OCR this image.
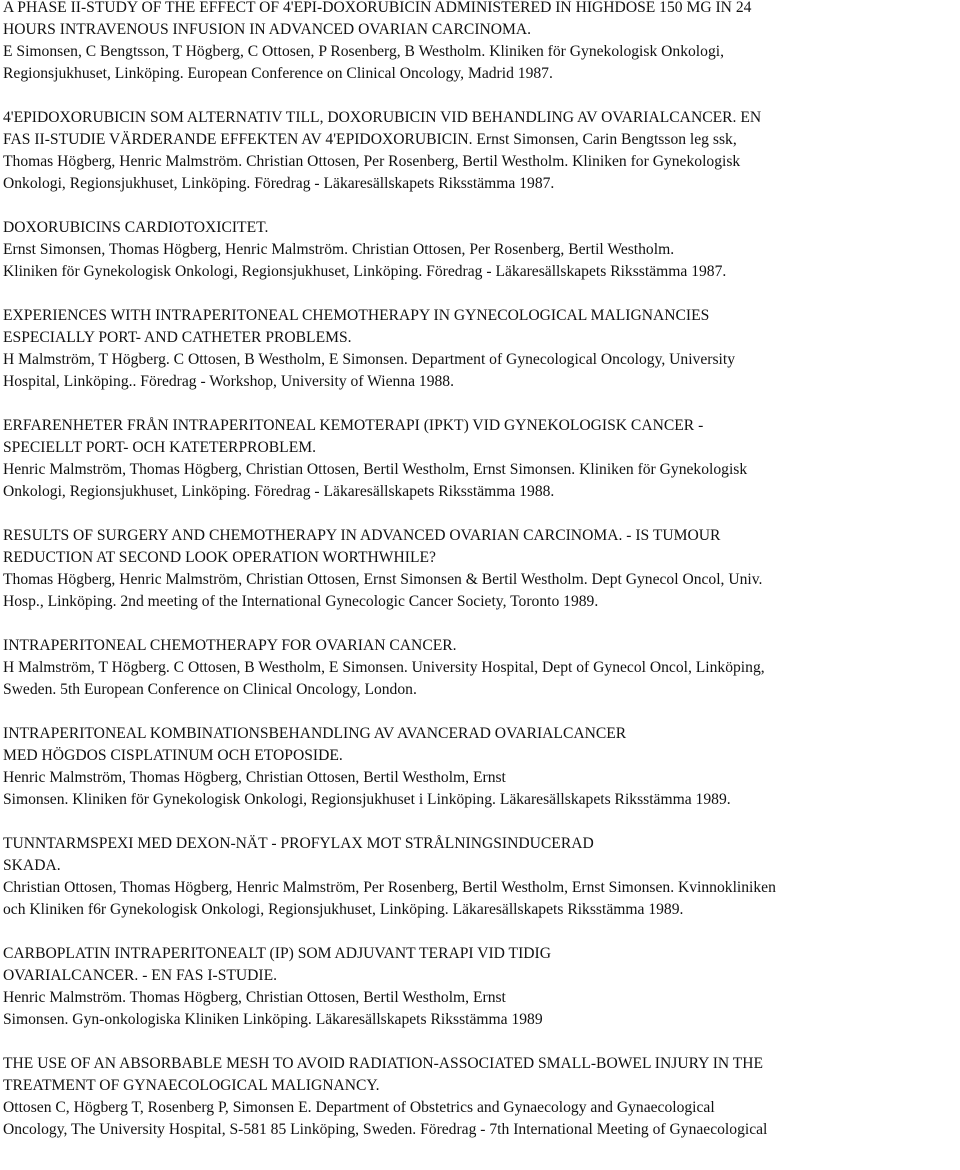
A PHASE II-STUDY OF THE EFFECT OF 4'EPI-DOXORUBICIN ADMINISTERED IN HIGHDOSE 150 MG IN 24
HOURS INTRAVENOUS INFUSION IN ADVANCED OVARIAN CARCINOMA.
E Simonsen, C Bengtsson, T Högberg, C Ottosen, P Rosenberg, B Westholm. Kliniken för Gynekologisk Onkologi,
Regionsjukhuset, Linköping. European Conference on Clinical Oncology, Madrid 1987.
4'EPIDOXORUBICIN SOM ALTERNATIV TILL, DOXORUBICIN VID BEHANDLING AV OVARIALCANCER. EN
FAS II-STUDIE VÄRDERANDE EFFEKTEN AV 4'EPIDOXORUBICIN. Ernst Simonsen, Carin Bengtsson leg ssk,
Thomas Högberg, Henric Malmström. Christian Ottosen, Per Rosenberg, Bertil Westholm. Kliniken for Gynekologisk
Onkologi, Regionsjukhuset, Linköping. Föredrag - Läkaresällskapets Riksstämma 1987.
DOXORUBICINS CARDIOTOXICITET.
Ernst Simonsen, Thomas Högberg, Henric Malmström. Christian Ottosen, Per Rosenberg, Bertil Westholm.
Kliniken för Gynekologisk Onkologi, Regionsjukhuset, Linköping. Föredrag - Läkaresällskapets Riksstämma 1987.
EXPERIENCES WITH INTRAPERITONEAL CHEMOTHERAPY IN GYNECOLOGICAL MALIGNANCIES
ESPECIALLY PORT- AND CATHETER PROBLEMS.
H Malmström, T Högberg. C Ottosen, B Westholm, E Simonsen. Department of Gynecological Oncology, University
Hospital, Linköping.. Föredrag - Workshop, University of Wienna 1988.
ERFARENHETER FRÅN INTRAPERITONEAL KEMOTERAPI (IPKT) VID GYNEKOLOGISK CANCER -
SPECIELLT PORT- OCH KATETERPROBLEM.
Henric Malmström, Thomas Högberg, Christian Ottosen, Bertil Westholm, Ernst Simonsen. Kliniken för Gynekologisk
Onkologi, Regionsjukhuset, Linköping. Föredrag - Läkaresällskapets Riksstämma 1988.
RESULTS OF SURGERY AND CHEMOTHERAPY IN ADVANCED OVARIAN CARCINOMA. - IS TUMOUR
REDUCTION AT SECOND LOOK OPERATION WORTHWHILE?
Thomas Högberg, Henric Malmström, Christian Ottosen, Ernst Simonsen & Bertil Westholm. Dept Gynecol Oncol, Univ.
Hosp., Linköping. 2nd meeting of the International Gynecologic Cancer Society, Toronto 1989.
INTRAPERITONEAL CHEMOTHERAPY FOR OVARIAN CANCER.
H Malmström, T Högberg. C Ottosen, B Westholm, E Simonsen. University Hospital, Dept of Gynecol Oncol, Linköping,
Sweden. 5th European Conference on Clinical Oncology, London.
INTRAPERITONEAL KOMBINATIONSBEHANDLING AV AVANCERAD OVARIALCANCER
MED HÖGDOS CISPLATINUM OCH ETOPOSIDE.
Henric Malmström, Thomas Högberg, Christian Ottosen, Bertil Westholm, Ernst
Simonsen. Kliniken för Gynekologisk Onkologi, Regionsjukhuset i Linköping. Läkaresällskapets Riksstämma 1989.
TUNNTARMSPEXI MED DEXON-NÄT - PROFYLAX MOT STRÅLNINGSINDUCERAD
SKADA.
Christian Ottosen, Thomas Högberg, Henric Malmström, Per Rosenberg, Bertil Westholm, Ernst Simonsen. Kvinnokliniken
och Kliniken f6r Gynekologisk Onkologi, Regionsjukhuset, Linköping. Läkaresällskapets Riksstämma 1989.
CARBOPLATIN INTRAPERITONEALT (IP) SOM ADJUVANT TERAPI VID TIDIG
OVARIALCANCER. - EN FAS I-STUDIE.
Henric Malmström. Thomas Högberg, Christian Ottosen, Bertil Westholm, Ernst
Simonsen. Gyn-onkologiska Kliniken Linköping. Läkaresällskapets Riksstämma 1989
THE USE OF AN ABSORBABLE MESH TO AVOID RADIATION-ASSOCIATED SMALL-BOWEL INJURY IN THE
TREATMENT OF GYNAECOLOGICAL MALIGNANCY.
Ottosen C, Högberg T, Rosenberg P, Simonsen E. Department of Obstetrics and Gynaecology and Gynaecological
Oncology, The University Hospital, S-581 85 Linköping, Sweden. Föredrag - 7th International Meeting of Gynaecological
